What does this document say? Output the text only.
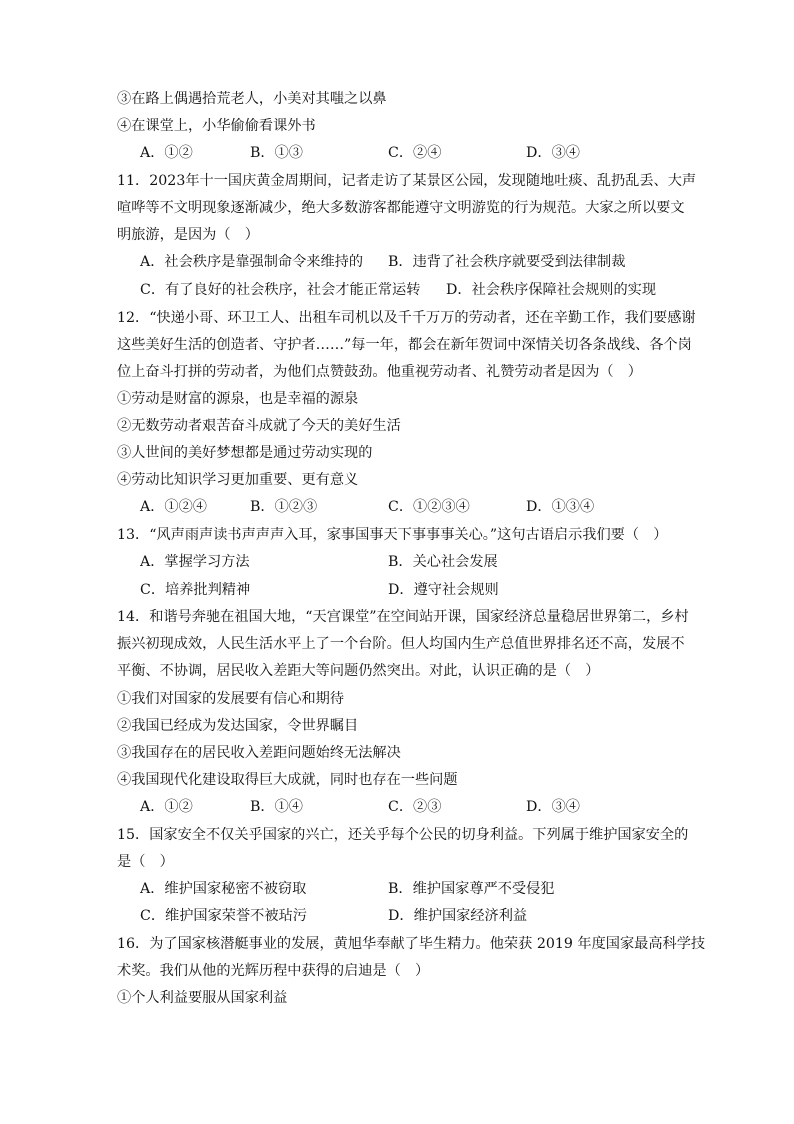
③在路上偶遇拾荒老人，小美对其嗤之以鼻
④在课堂上，小华偷偷看课外书
A．①②	B．①③	C．②④	D．③④
11．2023年十一国庆黄金周期间，记者走访了某景区公园，发现随地吐痰、乱扔乱丢、大声
喧哗等不文明现象逐渐减少，绝大多数游客都能遵守文明游览的行为规范。大家之所以要文
明旅游，是因为（　）
A．社会秩序是靠强制命令来维持的 B．违背了社会秩序就要受到法律制裁
C．有了良好的社会秩序，社会才能正常运转 D．社会秩序保障社会规则的实现
12．“快递小哥、环卫工人、出租车司机以及千千万万的劳动者，还在辛勤工作，我们要感谢
这些美好生活的创造者、守护者……”每一年，都会在新年贺词中深情关切各条战线、各个岗
位上奋斗打拼的劳动者，为他们点赞鼓劲。他重视劳动者、礼赞劳动者是因为（　）
①劳动是财富的源泉，也是幸福的源泉
②无数劳动者艰苦奋斗成就了今天的美好生活
③人世间的美好梦想都是通过劳动实现的
④劳动比知识学习更加重要、更有意义
A．①②④	B．①②③	C．①②③④	D．①③④
13．“风声雨声读书声声声入耳，家事国事天下事事事关心。”这句古语启示我们要（　）
A．掌握学习方法	B．关心社会发展
C．培养批判精神	D．遵守社会规则
14．和谐号奔驰在祖国大地，“天宫课堂”在空间站开课，国家经济总量稳居世界第二，乡村
振兴初现成效，人民生活水平上了一个台阶。但人均国内生产总值世界排名还不高，发展不
平衡、不协调，居民收入差距大等问题仍然突出。对此，认识正确的是（　）
①我们对国家的发展要有信心和期待
②我国已经成为发达国家，令世界瞩目
③我国存在的居民收入差距问题始终无法解决
④我国现代化建设取得巨大成就，同时也存在一些问题
A．①②	B．①④	C．②③	D．③④
15．国家安全不仅关乎国家的兴亡，还关乎每个公民的切身利益。下列属于维护国家安全的
是（　）
A．维护国家秘密不被窃取	B．维护国家尊严不受侵犯
C．维护国家荣誉不被玷污	D．维护国家经济利益
16．为了国家核潜艇事业的发展，黄旭华奉献了毕生精力。他荣获 2019 年度国家最高科学技
术奖。我们从他的光辉历程中获得的启迪是（　）
①个人利益要服从国家利益
